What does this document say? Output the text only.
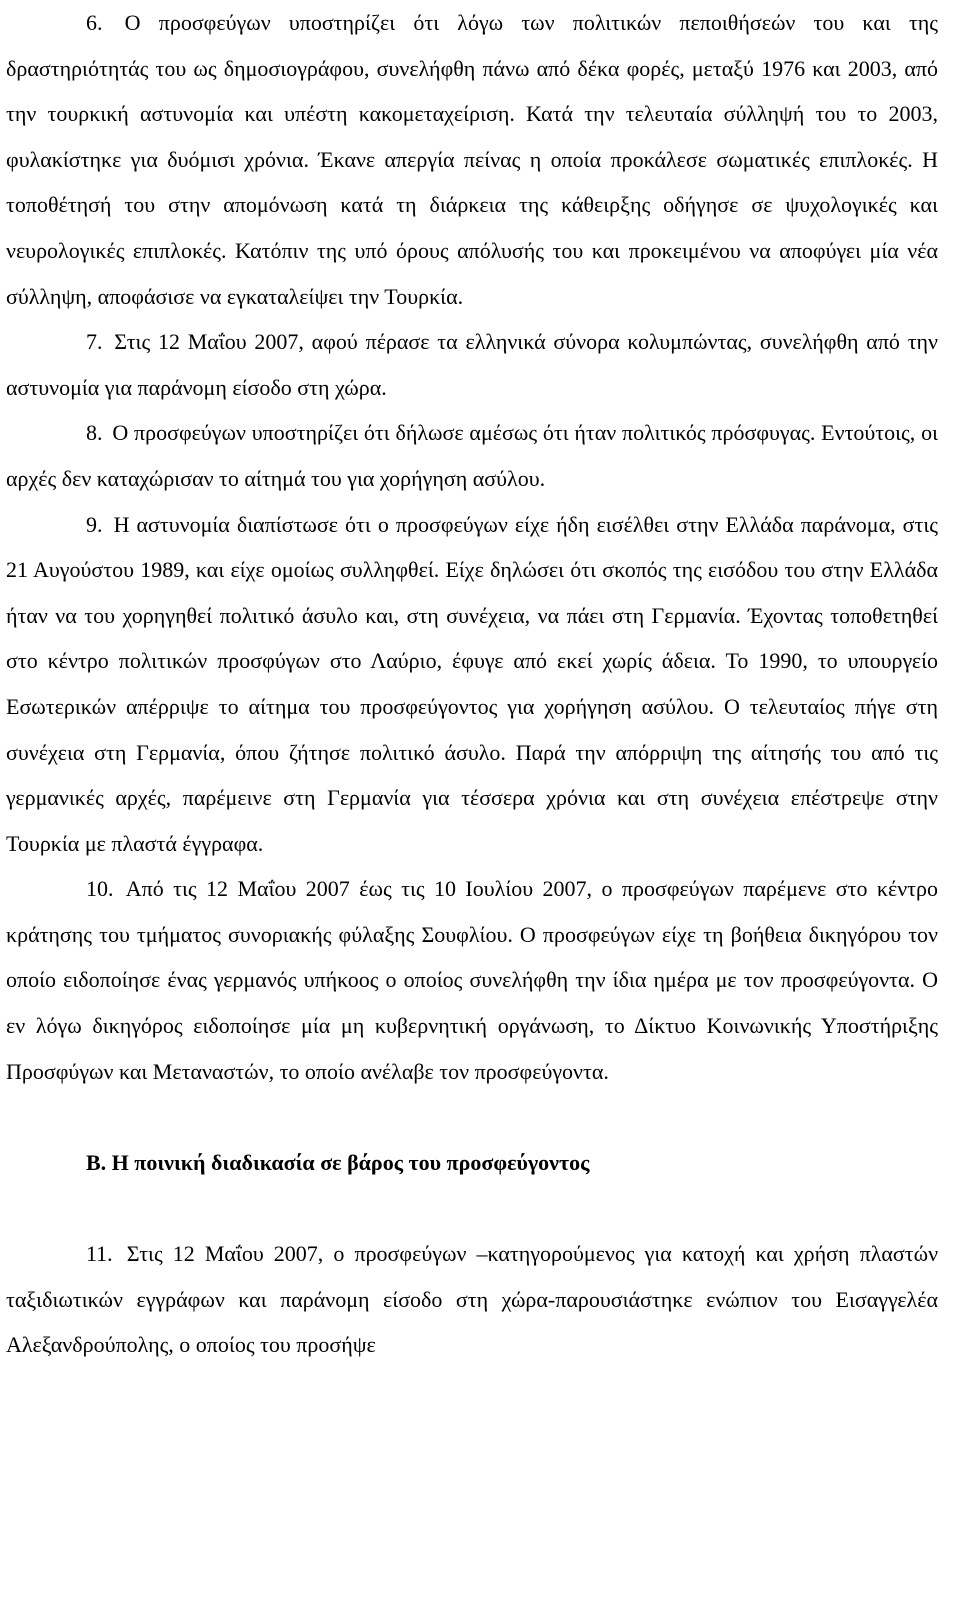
6. Ο προσφεύγων υποστηρίζει ότι λόγω των πολιτικών πεποιθήσεών του και της δραστηριότητάς του ως δημοσιογράφου, συνελήφθη πάνω από δέκα φορές, μεταξύ 1976 και 2003, από την τουρκική αστυνομία και υπέστη κακομεταχείριση. Κατά την τελευταία σύλληψή του το 2003, φυλακίστηκε για δυόμισι χρόνια. Έκανε απεργία πείνας η οποία προκάλεσε σωματικές επιπλοκές. Η τοποθέτησή του στην απομόνωση κατά τη διάρκεια της κάθειρξης οδήγησε σε ψυχολογικές και νευρολογικές επιπλοκές. Κατόπιν της υπό όρους απόλυσής του και προκειμένου να αποφύγει μία νέα σύλληψη, αποφάσισε να εγκαταλείψει την Τουρκία.

7. Στις 12 Μαΐου 2007, αφού πέρασε τα ελληνικά σύνορα κολυμπώντας, συνελήφθη από την αστυνομία για παράνομη είσοδο στη χώρα.

8. Ο προσφεύγων υποστηρίζει ότι δήλωσε αμέσως ότι ήταν πολιτικός πρόσφυγας. Εντούτοις, οι αρχές δεν καταχώρισαν το αίτημά του για χορήγηση ασύλου.

9. Η αστυνομία διαπίστωσε ότι ο προσφεύγων είχε ήδη εισέλθει στην Ελλάδα παράνομα, στις 21 Αυγούστου 1989, και είχε ομοίως συλληφθεί. Είχε δηλώσει ότι σκοπός της εισόδου του στην Ελλάδα ήταν να του χορηγηθεί πολιτικό άσυλο και, στη συνέχεια, να πάει στη Γερμανία. Έχοντας τοποθετηθεί στο κέντρο πολιτικών προσφύγων στο Λαύριο, έφυγε από εκεί χωρίς άδεια. Το 1990, το υπουργείο Εσωτερικών απέρριψε το αίτημα του προσφεύγοντος για χορήγηση ασύλου. Ο τελευταίος πήγε στη συνέχεια στη Γερμανία, όπου ζήτησε πολιτικό άσυλο. Παρά την απόρριψη της αίτησής του από τις γερμανικές αρχές, παρέμεινε στη Γερμανία για τέσσερα χρόνια και στη συνέχεια επέστρεψε στην Τουρκία με πλαστά έγγραφα.

10. Από τις 12 Μαΐου 2007 έως τις 10 Ιουλίου 2007, ο προσφεύγων παρέμενε στο κέντρο κράτησης του τμήματος συνοριακής φύλαξης Σουφλίου. Ο προσφεύγων είχε τη βοήθεια δικηγόρου τον οποίο ειδοποίησε ένας γερμανός υπήκοος ο οποίος συνελήφθη την ίδια ημέρα με τον προσφεύγοντα. Ο εν λόγω δικηγόρος ειδοποίησε μία μη κυβερνητική οργάνωση, το Δίκτυο Κοινωνικής Υποστήριξης Προσφύγων και Μεταναστών, το οποίο ανέλαβε τον προσφεύγοντα.

B. Η ποινική διαδικασία σε βάρος του προσφεύγοντος

11. Στις 12 Μαΐου 2007, ο προσφεύγων –κατηγορούμενος για κατοχή και χρήση πλαστών ταξιδιωτικών εγγράφων και παράνομη είσοδο στη χώρα-παρουσιάστηκε ενώπιον του Εισαγγελέα Αλεξανδρούπολης, ο οποίος του προσήψε
